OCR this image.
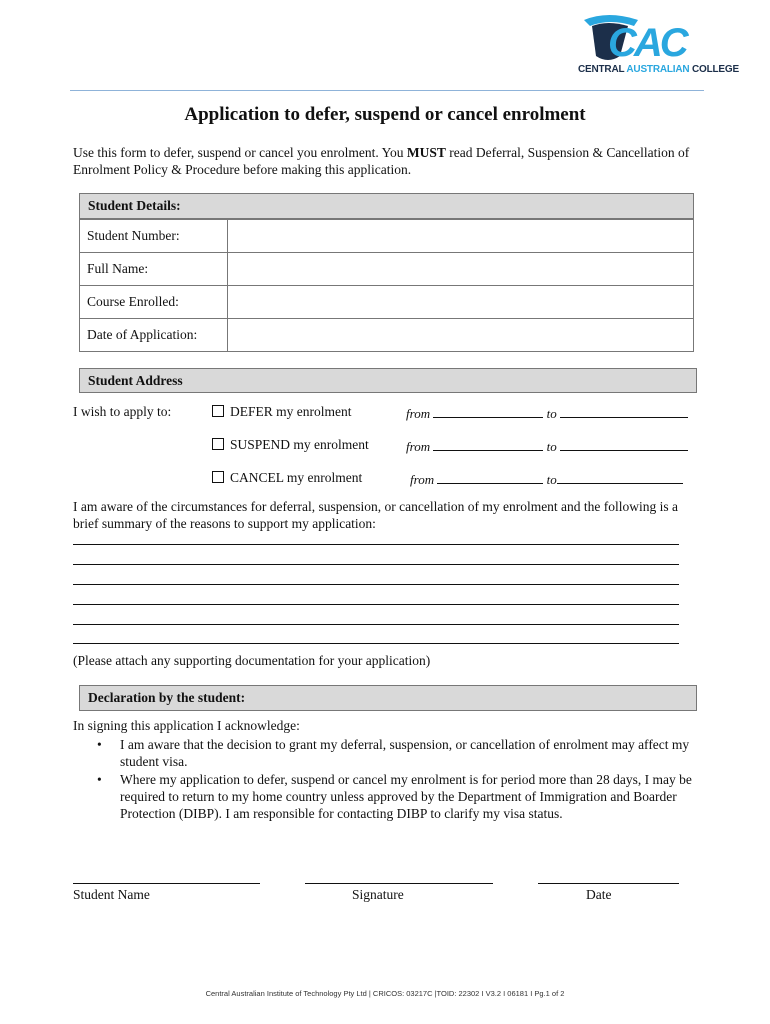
CAC
CENTRAL AUSTRALIAN COLLEGE
Application to defer, suspend or cancel enrolment
Use this form to defer, suspend or cancel you enrolment. You MUST read Deferral, Suspension & Cancellation of Enrolment Policy & Procedure before making this application.
Student Details:
Student Number:	
Full Name:	
Course Enrolled:	
Date of Application:	
Student Address
I wish to apply to:	DEFER my enrolment	from	to
SUSPEND my enrolment	from	to
CANCEL my enrolment	from	to
I am aware of the circumstances for deferral, suspension, or cancellation of my enrolment and the following is a brief summary of the reasons to support my application:
(Please attach any supporting documentation for your application)
Declaration by the student:
In signing this application I acknowledge:
• I am aware that the decision to grant my deferral, suspension, or cancellation of enrolment may affect my student visa.
• Where my application to defer, suspend or cancel my enrolment is for period more than 28 days, I may be required to return to my home country unless approved by the Department of Immigration and Boarder Protection (DIBP). I am responsible for contacting DIBP to clarify my visa status.
Student Name	Signature	Date
Central Australian Institute of Technology Pty Ltd | CRICOS: 03217C |TOID: 22302 I V3.2 I 06181 I Pg.1 of 2
